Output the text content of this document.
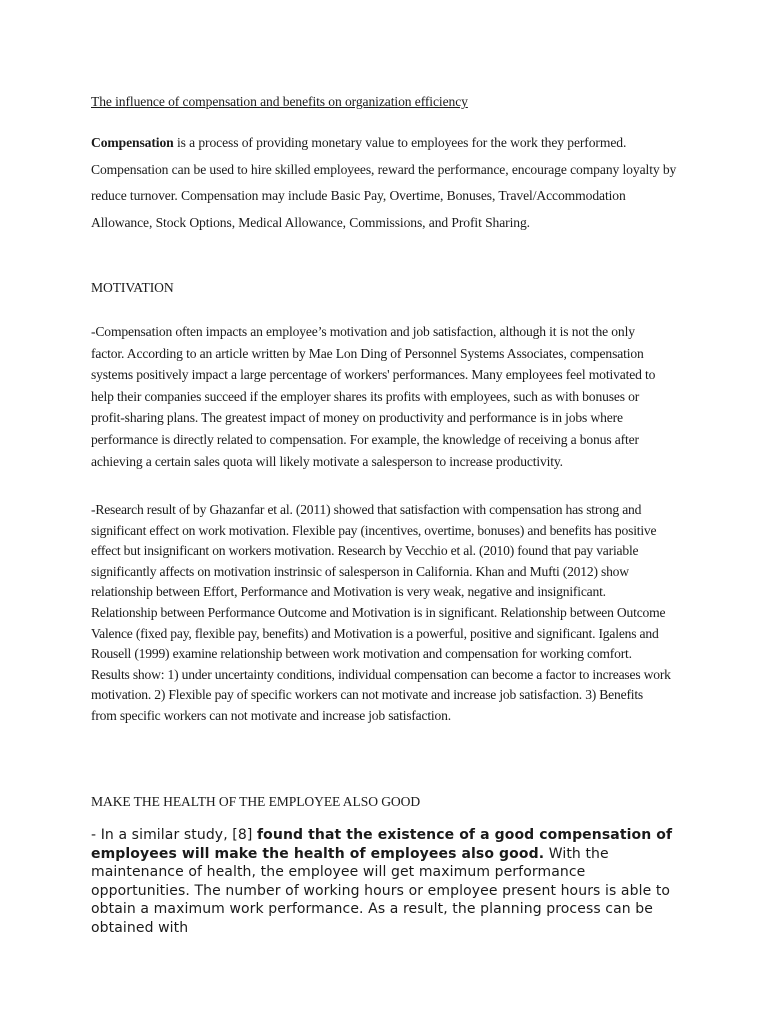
The influence of compensation and benefits on organization efficiency
Compensation is a process of providing monetary value to employees for the work they performed. Compensation can be used to hire skilled employees, reward the performance, encourage company loyalty by reduce turnover. Compensation may include Basic Pay, Overtime, Bonuses, Travel/Accommodation Allowance, Stock Options, Medical Allowance, Commissions, and Profit Sharing.
MOTIVATION
-Compensation often impacts an employee’s motivation and job satisfaction, although it is not the only factor. According to an article written by Mae Lon Ding of Personnel Systems Associates, compensation systems positively impact a large percentage of workers' performances. Many employees feel motivated to help their companies succeed if the employer shares its profits with employees, such as with bonuses or profit-sharing plans. The greatest impact of money on productivity and performance is in jobs where performance is directly related to compensation. For example, the knowledge of receiving a bonus after achieving a certain sales quota will likely motivate a salesperson to increase productivity.
-Research result of by Ghazanfar et al. (2011) showed that satisfaction with compensation has strong and significant effect on work motivation. Flexible pay (incentives, overtime, bonuses) and benefits has positive effect but insignificant on workers motivation. Research by Vecchio et al. (2010) found that pay variable significantly affects on motivation instrinsic of salesperson in California. Khan and Mufti (2012) show relationship between Effort, Performance and Motivation is very weak, negative and insignificant. Relationship between Performance Outcome and Motivation is in significant. Relationship between Outcome Valence (fixed pay, flexible pay, benefits) and Motivation is a powerful, positive and significant. Igalens and Rousell (1999) examine relationship between work motivation and compensation for working comfort. Results show: 1) under uncertainty conditions, individual compensation can become a factor to increases work motivation. 2) Flexible pay of specific workers can not motivate and increase job satisfaction. 3) Benefits from specific workers can not motivate and increase job satisfaction.
MAKE THE HEALTH OF THE EMPLOYEE ALSO GOOD
- In a similar study, [8] found that the existence of a good compensation of employees will make the health of employees also good. With the maintenance of health, the employee will get maximum performance opportunities. The number of working hours or employee present hours is able to obtain a maximum work performance. As a result, the planning process can be obtained with
